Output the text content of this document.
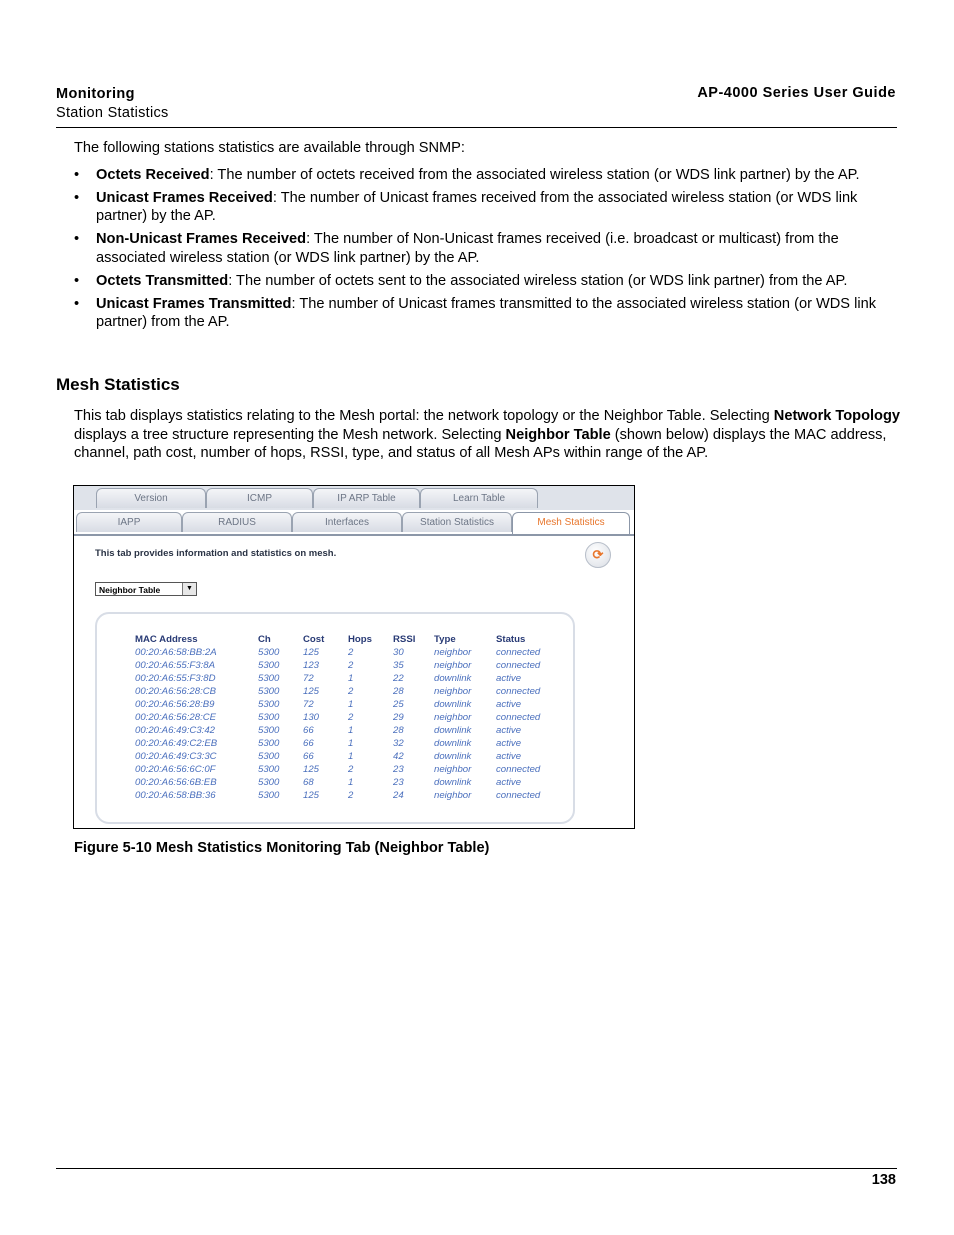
Monitoring
Station Statistics
AP-4000 Series User Guide

The following stations statistics are available through SNMP:

• Octets Received: The number of octets received from the associated wireless station (or WDS link partner) by the AP.
• Unicast Frames Received: The number of Unicast frames received from the associated wireless station (or WDS link partner) by the AP.
• Non-Unicast Frames Received: The number of Non-Unicast frames received (i.e. broadcast or multicast) from the associated wireless station (or WDS link partner) by the AP.
• Octets Transmitted: The number of octets sent to the associated wireless station (or WDS link partner) from the AP.
• Unicast Frames Transmitted: The number of Unicast frames transmitted to the associated wireless station (or WDS link partner) from the AP.
Mesh Statistics
This tab displays statistics relating to the Mesh portal: the network topology or the Neighbor Table. Selecting Network Topology displays a tree structure representing the Mesh network. Selecting Neighbor Table (shown below) displays the MAC address, channel, path cost, number of hops, RSSI, type, and status of all Mesh APs within range of the AP.
Version	ICMP	IP ARP Table	Learn Table
IAPP	RADIUS	Interfaces	Station Statistics	Mesh Statistics
This tab provides information and statistics on mesh.	⟳
Neighbor Table	▼
MAC Address	Ch	Cost	Hops	RSSI	Type	Status
00:20:A6:58:BB:2A	5300	125	2	30	neighbor	connected
00:20:A6:55:F3:8A	5300	123	2	35	neighbor	connected
00:20:A6:55:F3:8D	5300	72	1	22	downlink	active
00:20:A6:56:28:CB	5300	125	2	28	neighbor	connected
00:20:A6:56:28:B9	5300	72	1	25	downlink	active
00:20:A6:56:28:CE	5300	130	2	29	neighbor	connected
00:20:A6:49:C3:42	5300	66	1	28	downlink	active
00:20:A6:49:C2:EB	5300	66	1	32	downlink	active
00:20:A6:49:C3:3C	5300	66	1	42	downlink	active
00:20:A6:56:6C:0F	5300	125	2	23	neighbor	connected
00:20:A6:56:6B:EB	5300	68	1	23	downlink	active
00:20:A6:58:BB:36	5300	125	2	24	neighbor	connected
Figure 5-10 Mesh Statistics Monitoring Tab (Neighbor Table)
138
